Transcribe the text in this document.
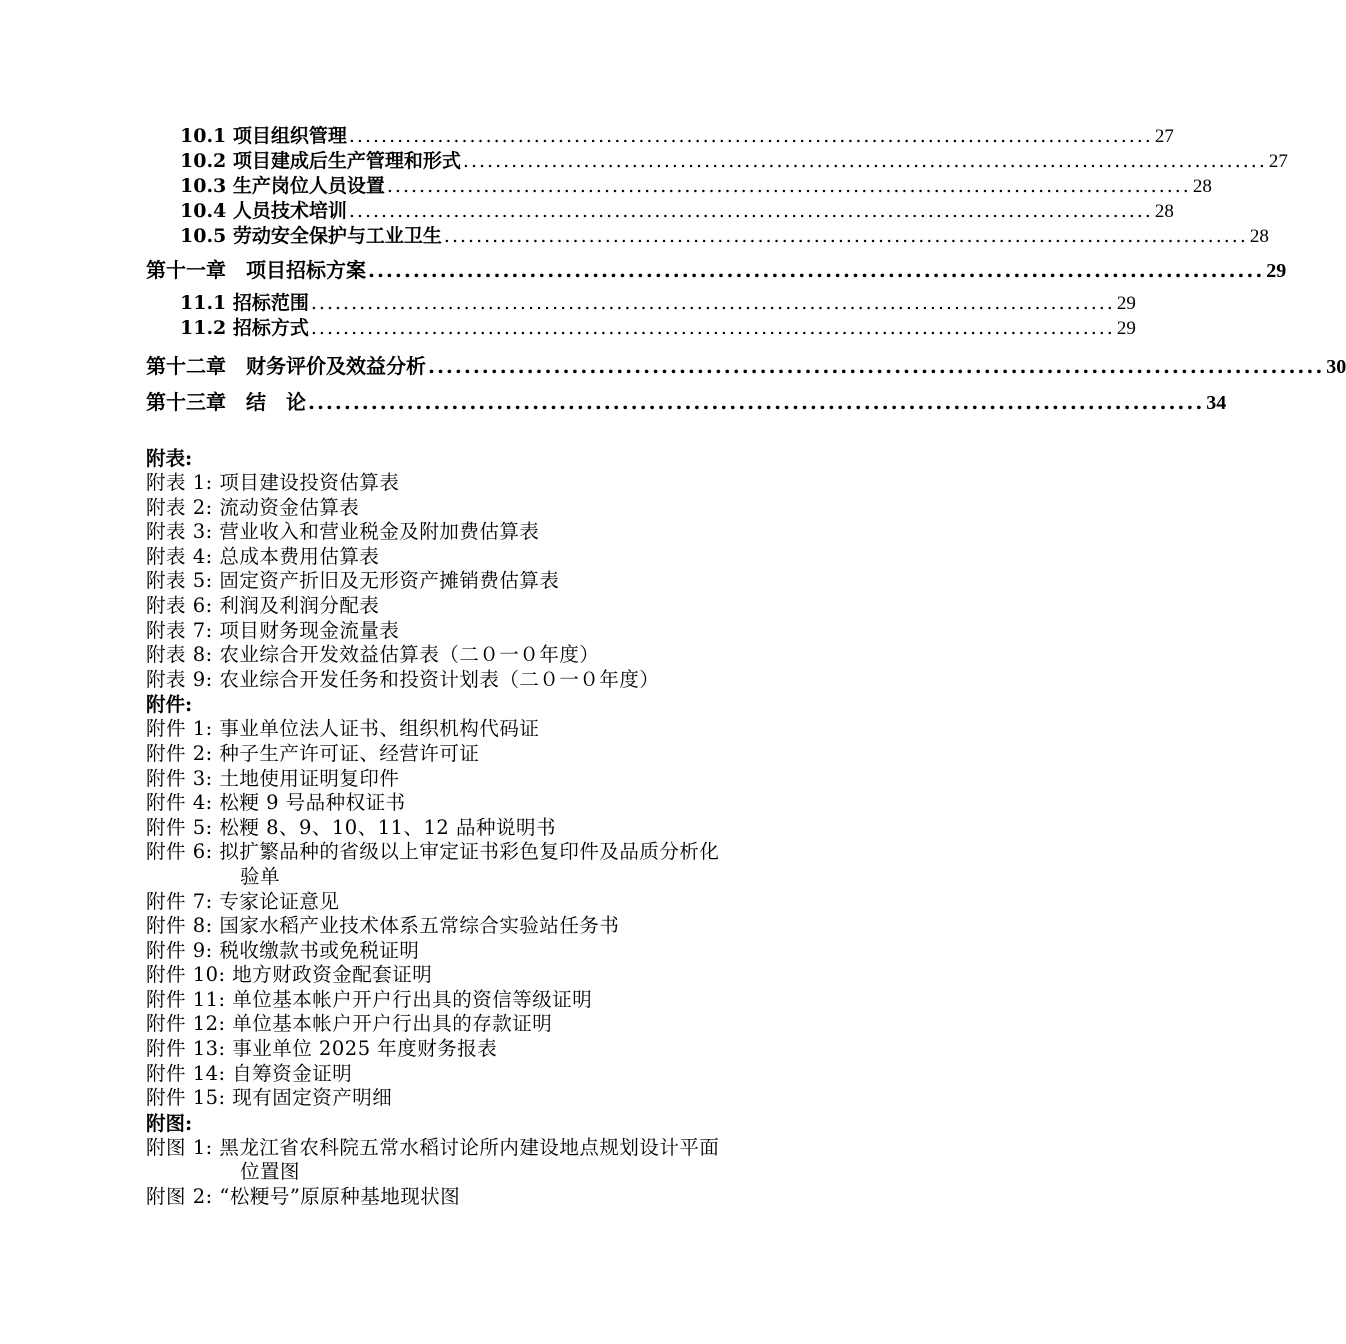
10.1 项目组织管理 .................................................................................................... 27
10.2 项目建成后生产管理和形式 .................................................................................................... 27
10.3 生产岗位人员设置 .................................................................................................... 28
10.4 人员技术培训 .................................................................................................... 28
10.5 劳动安全保护与工业卫生 .................................................................................................... 28
第十一章　项目招标方案 .................................................................................................... 29
11.1 招标范围 .................................................................................................... 29
11.2 招标方式 .................................................................................................... 29
第十二章　财务评价及效益分析 .................................................................................................... 30
第十三章　结　论 .................................................................................................... 34
附表:
附表 1: 项目建设投资估算表
附表 2: 流动资金估算表
附表 3: 营业收入和营业税金及附加费估算表
附表 4: 总成本费用估算表
附表 5: 固定资产折旧及无形资产摊销费估算表
附表 6: 利润及利润分配表
附表 7: 项目财务现金流量表
附表 8: 农业综合开发效益估算表（二０一０年度）
附表 9: 农业综合开发任务和投资计划表（二０一０年度）
附件:
附件 1: 事业单位法人证书、组织机构代码证
附件 2: 种子生产许可证、经营许可证
附件 3: 土地使用证明复印件
附件 4: 松粳 9 号品种权证书
附件 5: 松粳 8、9、10、11、12 品种说明书
附件 6: 拟扩繁品种的省级以上审定证书彩色复印件及品质分析化
验单
附件 7: 专家论证意见
附件 8: 国家水稻产业技术体系五常综合实验站任务书
附件 9: 税收缴款书或免税证明
附件 10: 地方财政资金配套证明
附件 11: 单位基本帐户开户行出具的资信等级证明
附件 12: 单位基本帐户开户行出具的存款证明
附件 13: 事业单位 2025 年度财务报表
附件 14: 自筹资金证明
附件 15: 现有固定资产明细
附图:
附图 1: 黑龙江省农科院五常水稻讨论所内建设地点规划设计平面
位置图
附图 2: “松粳号”原原种基地现状图
